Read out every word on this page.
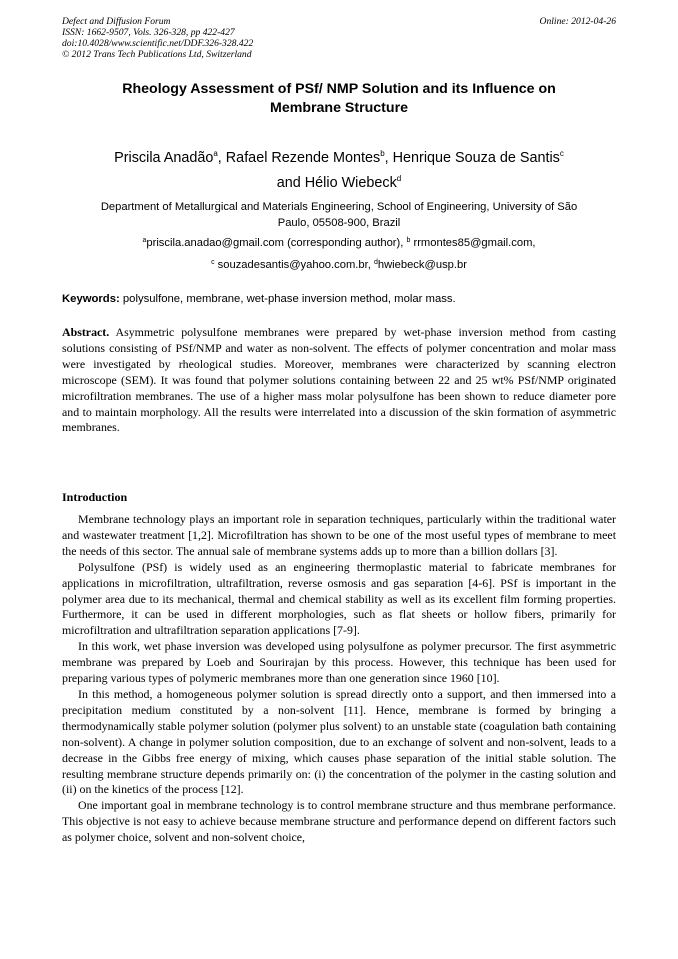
Defect and Diffusion Forum
ISSN: 1662-9507, Vols. 326-328, pp 422-427
doi:10.4028/www.scientific.net/DDF.326-328.422
© 2012 Trans Tech Publications Ltd, Switzerland
Online: 2012-04-26
Rheology Assessment of PSf/ NMP Solution and its Influence on
Membrane Structure
Priscila Anadão$^a$, Rafael Rezende Montes$^b$, Henrique Souza de Santis$^c$
and Hélio Wiebeck$^d$
Department of Metallurgical and Materials Engineering, School of Engineering, University of São
Paulo, 05508-900, Brazil
$^a$priscila.anadao@gmail.com (corresponding author), $^b$ rrmontes85@gmail.com,
$^c$ souzadesantis@yahoo.com.br, $^d$hwiebeck@usp.br
Keywords: polysulfone, membrane, wet-phase inversion method, molar mass.
Abstract. Asymmetric polysulfone membranes were prepared by wet-phase inversion method from casting solutions consisting of PSf/NMP and water as non-solvent. The effects of polymer concentration and molar mass were investigated by rheological studies. Moreover, membranes were characterized by scanning electron microscope (SEM). It was found that polymer solutions containing between 22 and 25 wt% PSf/NMP originated microfiltration membranes. The use of a higher mass molar polysulfone has been shown to reduce diameter pore and to maintain morphology. All the results were interrelated into a discussion of the skin formation of asymmetric membranes.
Introduction
Membrane technology plays an important role in separation techniques, particularly within the traditional water and wastewater treatment [1,2]. Microfiltration has shown to be one of the most useful types of membrane to meet the needs of this sector. The annual sale of membrane systems adds up to more than a billion dollars [3].
Polysulfone (PSf) is widely used as an engineering thermoplastic material to fabricate membranes for applications in microfiltration, ultrafiltration, reverse osmosis and gas separation [4-6]. PSf is important in the polymer area due to its mechanical, thermal and chemical stability as well as its excellent film forming properties. Furthermore, it can be used in different morphologies, such as flat sheets or hollow fibers, primarily for microfiltration and ultrafiltration separation applications [7-9].
In this work, wet phase inversion was developed using polysulfone as polymer precursor. The first asymmetric membrane was prepared by Loeb and Sourirajan by this process. However, this technique has been used for preparing various types of polymeric membranes more than one generation since 1960 [10].
In this method, a homogeneous polymer solution is spread directly onto a support, and then immersed into a precipitation medium constituted by a non-solvent [11]. Hence, membrane is formed by bringing a thermodynamically stable polymer solution (polymer plus solvent) to an unstable state (coagulation bath containing non-solvent). A change in polymer solution composition, due to an exchange of solvent and non-solvent, leads to a decrease in the Gibbs free energy of mixing, which causes phase separation of the initial stable solution. The resulting membrane structure depends primarily on: (i) the concentration of the polymer in the casting solution and (ii) on the kinetics of the process [12].
One important goal in membrane technology is to control membrane structure and thus membrane performance. This objective is not easy to achieve because membrane structure and performance depend on different factors such as polymer choice, solvent and non-solvent choice,
